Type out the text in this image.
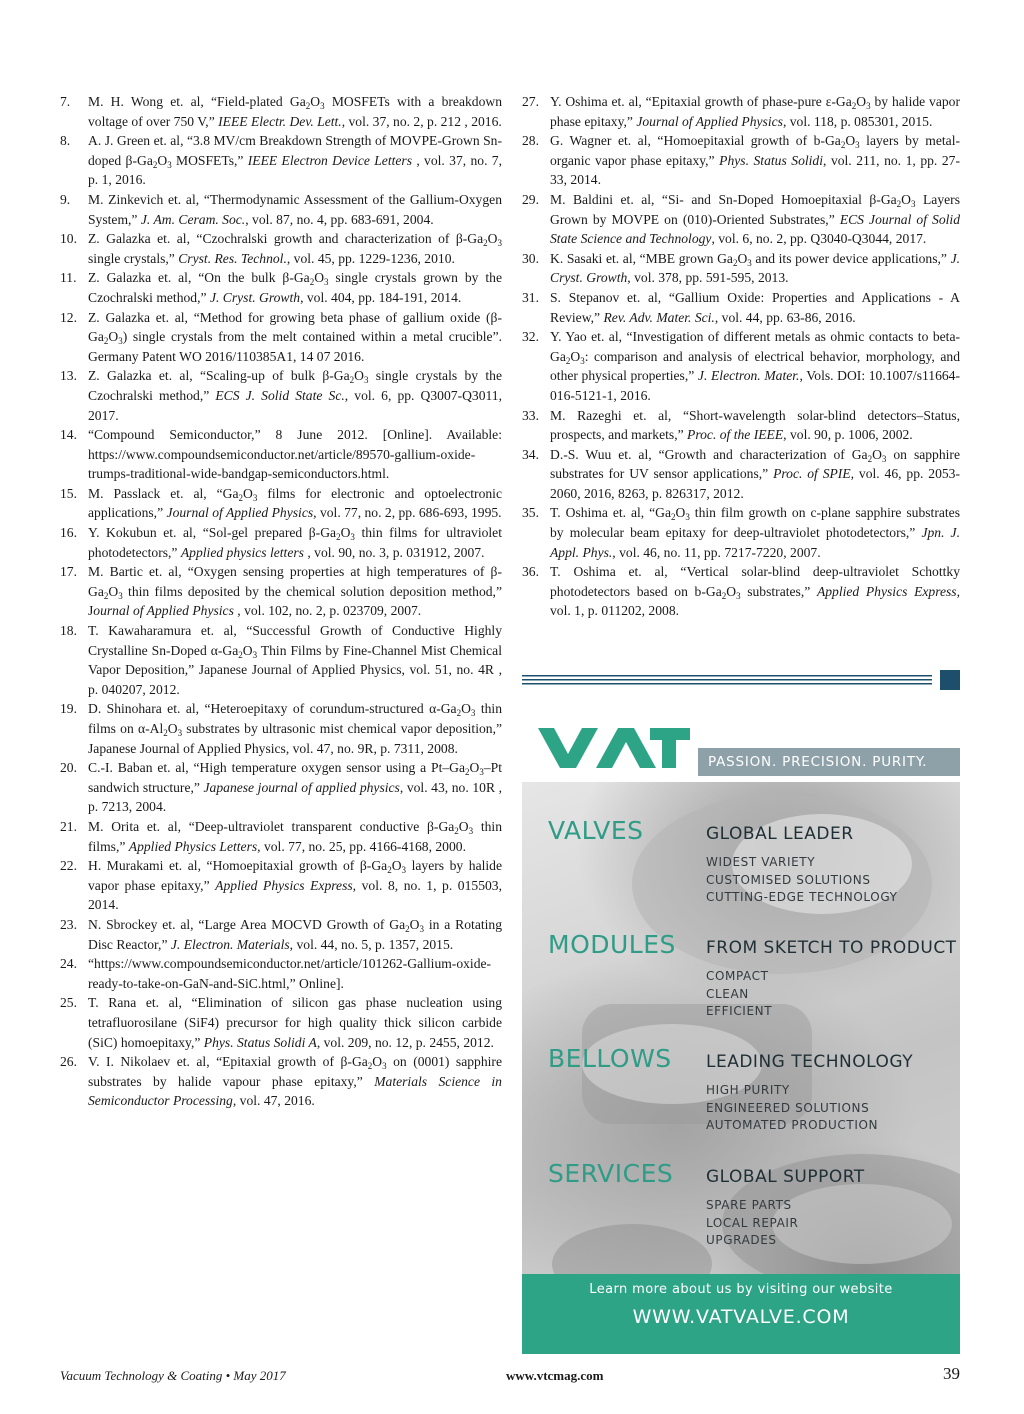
7.	M. H. Wong et. al, “Field-plated $Ga_2O_3$ MOSFETs with a breakdown voltage of over 750 V,” IEEE Electr. Dev. Lett., vol. 37, no. 2, p. 212 , 2016.
8.	A. J. Green et. al, “3.8 MV/cm Breakdown Strength of MOVPE-Grown Sn-doped $\beta-Ga_2O_3$ MOSFETs,” IEEE Electron Device Letters , vol. 37, no. 7, p. 1, 2016.
9.	M. Zinkevich et. al, “Thermodynamic Assessment of the Gallium-Oxygen System,” J. Am. Ceram. Soc., vol. 87, no. 4, pp. 683-691, 2004.
10. Z. Galazka et. al, “Czochralski growth and characterization of $\beta-Ga_2O_3$ single crystals,” Cryst. Res. Technol., vol. 45, pp. 1229-1236, 2010.
11. Z. Galazka et. al, “On the bulk $\beta-Ga_2O_3$ single crystals grown by the Czochralski method,” J. Cryst. Growth, vol. 404, pp. 184-191, 2014.
12. Z. Galazka et. al, “Method for growing beta phase of gallium oxide $(\beta-Ga_2O_3)$ single crystals from the melt contained within a metal crucible”. Germany Patent WO 2016/110385A1, 14 07 2016.
13. Z. Galazka et. al, “Scaling-up of bulk $\beta-Ga_2O_3$ single crystals by the Czochralski method,” ECS J. Solid State Sc., vol. 6, pp. Q3007-Q3011, 2017.
14. “Compound Semiconductor,” 8 June 2012. [Online]. Available: https://www.compoundsemiconductor.net/article/89570-gallium-oxide-trumps-traditional-wide-bandgap-semiconductors.html.
15. M. Passlack et. al, “$Ga_2O_3$ films for electronic and optoelectronic applications,” Journal of Applied Physics, vol. 77, no. 2, pp. 686-693, 1995.
16. Y. Kokubun et. al, “Sol-gel prepared $\beta-Ga_2O_3$ thin films for ultraviolet photodetectors,” Applied physics letters , vol. 90, no. 3, p. 031912, 2007.
17. M. Bartic et. al, “Oxygen sensing properties at high temperatures of $\beta-Ga_2O_3$ thin films deposited by the chemical solution deposition method,” Journal of Applied Physics , vol. 102, no. 2, p. 023709, 2007.
18. T. Kawaharamura et. al, “Successful Growth of Conductive Highly Crystalline Sn-Doped $\alpha-Ga_2O_3$ Thin Films by Fine-Channel Mist Chemical Vapor Deposition,” Japanese Journal of Applied Physics, vol. 51, no. 4R , p. 040207, 2012.
19. D. Shinohara et. al, “Heteroepitaxy of corundum-structured $\alpha-Ga_2O_3$ thin films on $\alpha-Al_2O_3$ substrates by ultrasonic mist chemical vapor deposition,” Japanese Journal of Applied Physics, vol. 47, no. 9R, p. 7311, 2008.
20. C.-I. Baban et. al, “High temperature oxygen sensor using a $Pt-Ga_2O_3-Pt$ sandwich structure,” Japanese journal of applied physics, vol. 43, no. 10R , p. 7213, 2004.
21. M. Orita et. al, “Deep-ultraviolet transparent conductive $\beta-Ga_2O_3$ thin films,” Applied Physics Letters, vol. 77, no. 25, pp. 4166-4168, 2000.
22. H. Murakami et. al, “Homoepitaxial growth of $\beta-Ga_2O_3$ layers by halide vapor phase epitaxy,” Applied Physics Express, vol. 8, no. 1, p. 015503, 2014.
23. N. Sbrockey et. al, “Large Area MOCVD Growth of $Ga_2O_3$ in a Rotating Disc Reactor,” J. Electron. Materials, vol. 44, no. 5, p. 1357, 2015.
24. “https://www.compoundsemiconductor.net/article/101262-Gallium-oxide-ready-to-take-on-GaN-and-SiC.html,” Online].
25. T. Rana et. al, “Elimination of silicon gas phase nucleation using tetrafluorosilane (SiF4) precursor for high quality thick silicon carbide (SiC) homoepitaxy,” Phys. Status Solidi A, vol. 209, no. 12, p. 2455, 2012.
26. V. I. Nikolaev et. al, “Epitaxial growth of $\beta-Ga_2O_3$ on (0001) sapphire substrates by halide vapour phase epitaxy,” Materials Science in Semiconductor Processing, vol. 47, 2016.
27. Y. Oshima et. al, “Epitaxial growth of phase-pure $\varepsilon-Ga_2O_3$ by halide vapor phase epitaxy,” Journal of Applied Physics, vol. 118, p. 085301, 2015.
28. G. Wagner et. al, “Homoepitaxial growth of $b-Ga_2O_3$ layers by metal-organic vapor phase epitaxy,” Phys. Status Solidi, vol. 211, no. 1, pp. 27-33, 2014.
29. M. Baldini et. al, “Si- and Sn-Doped Homoepitaxial $\beta-Ga_2O_3$ Layers Grown by MOVPE on (010)-Oriented Substrates,” ECS Journal of Solid State Science and Technology, vol. 6, no. 2, pp. Q3040-Q3044, 2017.
30. K. Sasaki et. al, “MBE grown $Ga_2O_3$ and its power device applications,” J. Cryst. Growth, vol. 378, pp. 591-595, 2013.
31. S. Stepanov et. al, “Gallium Oxide: Properties and Applications - A Review,” Rev. Adv. Mater. Sci., vol. 44, pp. 63-86, 2016.
32. Y. Yao et. al, “Investigation of different metals as ohmic contacts to beta-$Ga_2O_3$: comparison and analysis of electrical behavior, morphology, and other physical properties,” J. Electron. Mater., Vols. DOI: 10.1007/s11664-016-5121-1, 2016.
33. M. Razeghi et. al, “Short-wavelength solar-blind detectors–Status, prospects, and markets,” Proc. of the IEEE, vol. 90, p. 1006, 2002.
34. D.-S. Wuu et. al, “Growth and characterization of $Ga_2O_3$ on sapphire substrates for UV sensor applications,” Proc. of SPIE, vol. 46, pp. 2053-2060, 2016, 8263, p. 826317, 2012.
35. T. Oshima et. al, “$Ga_2O_3$ thin film growth on c-plane sapphire substrates by molecular beam epitaxy for deep-ultraviolet photodetectors,” Jpn. J. Appl. Phys., vol. 46, no. 11, pp. 7217-7220, 2007.
36. T. Oshima et. al, “Vertical solar-blind deep-ultraviolet Schottky photodetectors based on $b-Ga_2O_3$ substrates,” Applied Physics Express, vol. 1, p. 011202, 2008.
PASSION. PRECISION. PURITY.
VALVES	GLOBAL LEADER
WIDEST VARIETY
CUSTOMISED SOLUTIONS
CUTTING-EDGE TECHNOLOGY
MODULES FROM SKETCH TO PRODUCT
COMPACT
CLEAN
EFFICIENT
BELLOWS LEADING TECHNOLOGY
HIGH PURITY
ENGINEERED SOLUTIONS
AUTOMATED PRODUCTION
SERVICES GLOBAL SUPPORT
SPARE PARTS
LOCAL REPAIR
UPGRADES
Learn more about us by visiting our website
WWW.VATVALVE.COM
Vacuum Technology & Coating • May 2017	www.vtcmag.com	39
